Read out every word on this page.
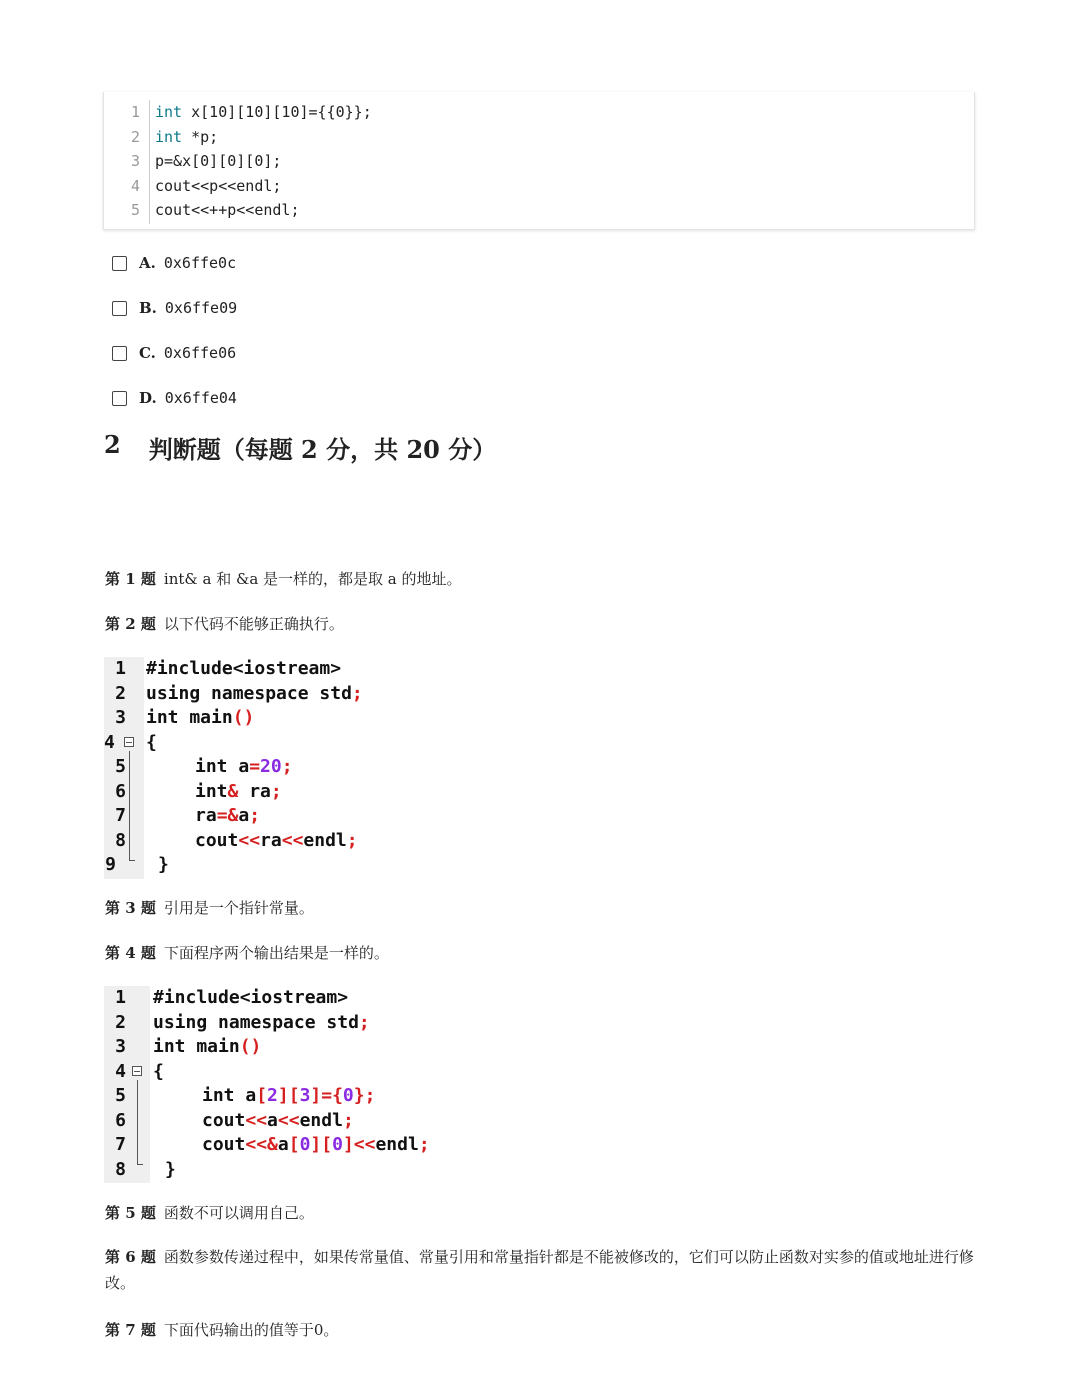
1
2
3
4
5
int x[10][10][10]={{0}};
int *p;
p=&x[0][0][0];
cout<<p<<endl;
cout<<++p<<endl;
A. 0x6ffe0c
B. 0x6ffe09
C. 0x6ffe06
D. 0x6ffe04
2 判断题（每题 2 分，共 20 分）
第 1 题 int& a 和 &a 是一样的，都是取 a 的地址。
第 2 题 以下代码不能够正确执行。
1 #include<iostream>
2 using namespace std;
3 int main()
4 {
5	int a=20;
6	int& ra;
7	ra=&a;
8	cout<<ra<<endl;
9 }
第 3 题 引用是一个指针常量。
第 4 题 下面程序两个输出结果是一样的。
1 #include<iostream>
2 using namespace std;
3 int main()
4 {
5	int a[2][3]={0};
6	cout<<a<<endl;
7	cout<<&a[0][0]<<endl;
8 }
第 5 题 函数不可以调用自己。
第 6 题 函数参数传递过程中，如果传常量值、常量引用和常量指针都是不能被修改的，它们可以防止函数对实参的值或地址进行修改。
第 7 题 下面代码输出的值等于0。
